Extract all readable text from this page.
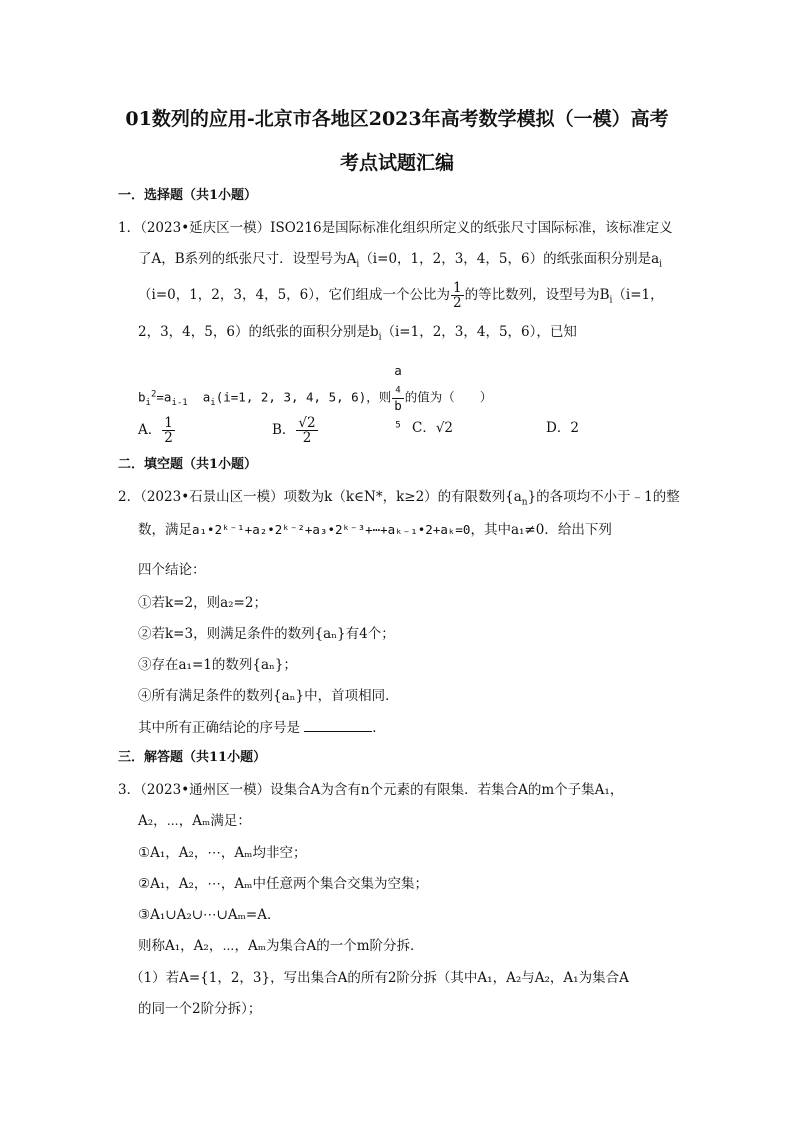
01数列的应用-北京市各地区2023年高考数学模拟（一模）高考
考点试题汇编
一．选择题（共1小题）
1．（2023•延庆区一模）ISO216是国际标准化组织所定义的纸张尺寸国际标准，该标准定义
了A，B系列的纸张尺寸．设型号为$A_i(i=0$，1，2，3，4，5，6）的纸张面积分别是$a_i$
（i=0，1，2，3，4，5，6），它们组成一个公比为 $\frac{1}{2}$ 的等比数列，设型号为$B_i(i=1$，
2，3，4，5，6）的纸张的面积分别是$b_i(i=1$，2，3，4，5，6），已知
$b_i^2=a_{i-1}$ $a_i(i=1$, 2, 3, 4, 5, 6)，则 a
$_4$
b
$_5$ 的值为（　　）
A． $\frac{1}{2}$	B． $\frac{√2}{2}$	C．√2	D．2
二．填空题（共1小题）
2．（2023•石景山区一模）项数为k（k∈N*，k≥2）的有限数列$\{a_n\}$的各项均不小于﹣1的整
数，满足a₁•2ᵏ⁻¹+a₂•2ᵏ⁻²+a₃•2ᵏ⁻³+⋯+aₖ₋₁•2+aₖ=0，其中a₁≠0．给出下列
四个结论：
①若k=2，则a₂=2；
②若k=3，则满足条件的数列{aₙ}有4个；
③存在a₁=1的数列{aₙ}；
④所有满足条件的数列{aₙ}中，首项相同．
其中所有正确结论的序号是	．
三．解答题（共11小题）
3．（2023•通州区一模）设集合A为含有n个元素的有限集．若集合A的m个子集A₁，
A₂，⋯，Aₘ满足：
①A₁，A₂，⋯，Aₘ均非空；
②A₁，A₂，⋯，Aₘ中任意两个集合交集为空集；
③A₁∪A₂∪⋯∪Aₘ=A．
则称A₁，A₂，⋯，Aₘ为集合A的一个m阶分拆．
（1）若A={1，2，3}，写出集合A的所有2阶分拆（其中A₁，A₂与A₂，A₁为集合A
的同一个2阶分拆）；
